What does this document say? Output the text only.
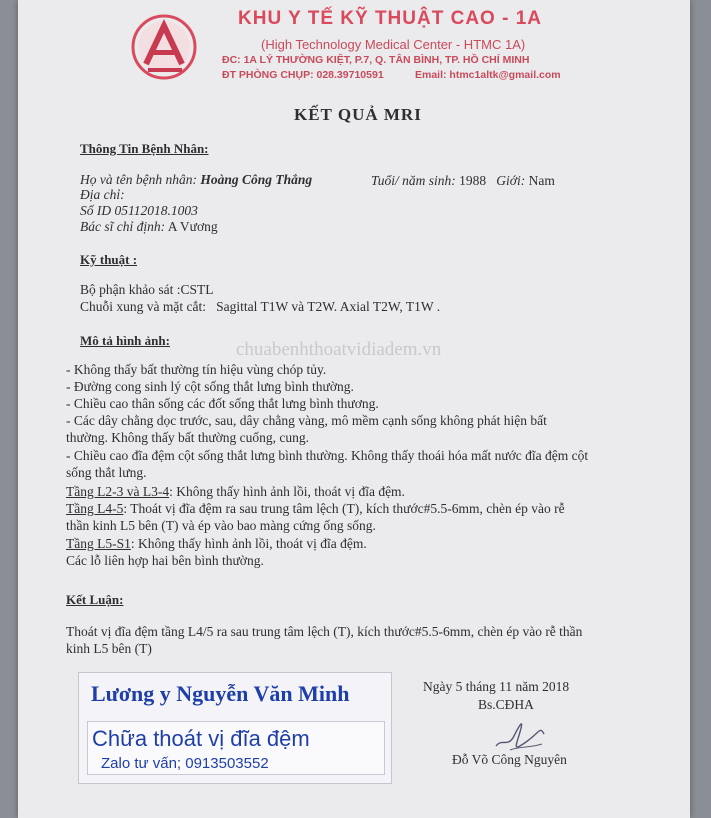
KHU Y TẾ KỸ THUẬT CAO - 1A
(High Technology Medical Center - HTMC 1A)
ĐC: 1A LÝ THƯỜNG KIỆT, P.7, Q. TÂN BÌNH, TP. HỒ CHÍ MINH
ĐT PHÒNG CHỤP: 028.39710591	Email: htmc1altk@gmail.com
KẾT QUẢ MRI
Thông Tin Bệnh Nhân:
Họ và tên bệnh nhân: Hoàng Công Thắng	Tuổi/ năm sinh: 1988 Giới: Nam
Địa chỉ:
Số ID 05112018.1003
Bác sĩ chỉ định: A Vương
Kỹ thuật :
Bộ phận khảo sát :CSTL
Chuỗi xung và mặt cắt: Sagittal T1W và T2W. Axial T2W, T1W .
Mô tả hình ảnh:	chuabenhthoatvidiadem.vn
- Không thấy bất thường tín hiệu vùng chóp tủy.
- Đường cong sinh lý cột sống thắt lưng bình thường.
- Chiều cao thân sống các đốt sống thắt lưng bình thương.
- Các dây chằng dọc trước, sau, dây chằng vàng, mô mềm cạnh sống không phát hiện bất
thường. Không thấy bất thường cuống, cung.
- Chiều cao đĩa đệm cột sống thắt lưng bình thường. Không thấy thoái hóa mất nước đĩa đệm cột
sống thắt lưng.
Tầng L2-3 và L3-4: Không thấy hình ảnh lồi, thoát vị đĩa đệm.
Tầng L4-5: Thoát vị đĩa đệm ra sau trung tâm lệch (T), kích thước#5.5-6mm, chèn ép vào rễ
thần kinh L5 bên (T) và ép vào bao màng cứng ống sống.
Tầng L5-S1: Không thấy hình ảnh lồi, thoát vị đĩa đệm.
Các lỗ liên hợp hai bên bình thường.
Kết Luận:
Thoát vị đĩa đệm tầng L4/5 ra sau trung tâm lệch (T), kích thước#5.5-6mm, chèn ép vào rễ thần
kinh L5 bên (T)
Ngày 5 tháng 11 năm 2018
Bs.CĐHA
Đỗ Võ Công Nguyên
Lương y Nguyễn Văn Minh
Chữa thoát vị đĩa đệm
Zalo tư vấn; 0913503552
